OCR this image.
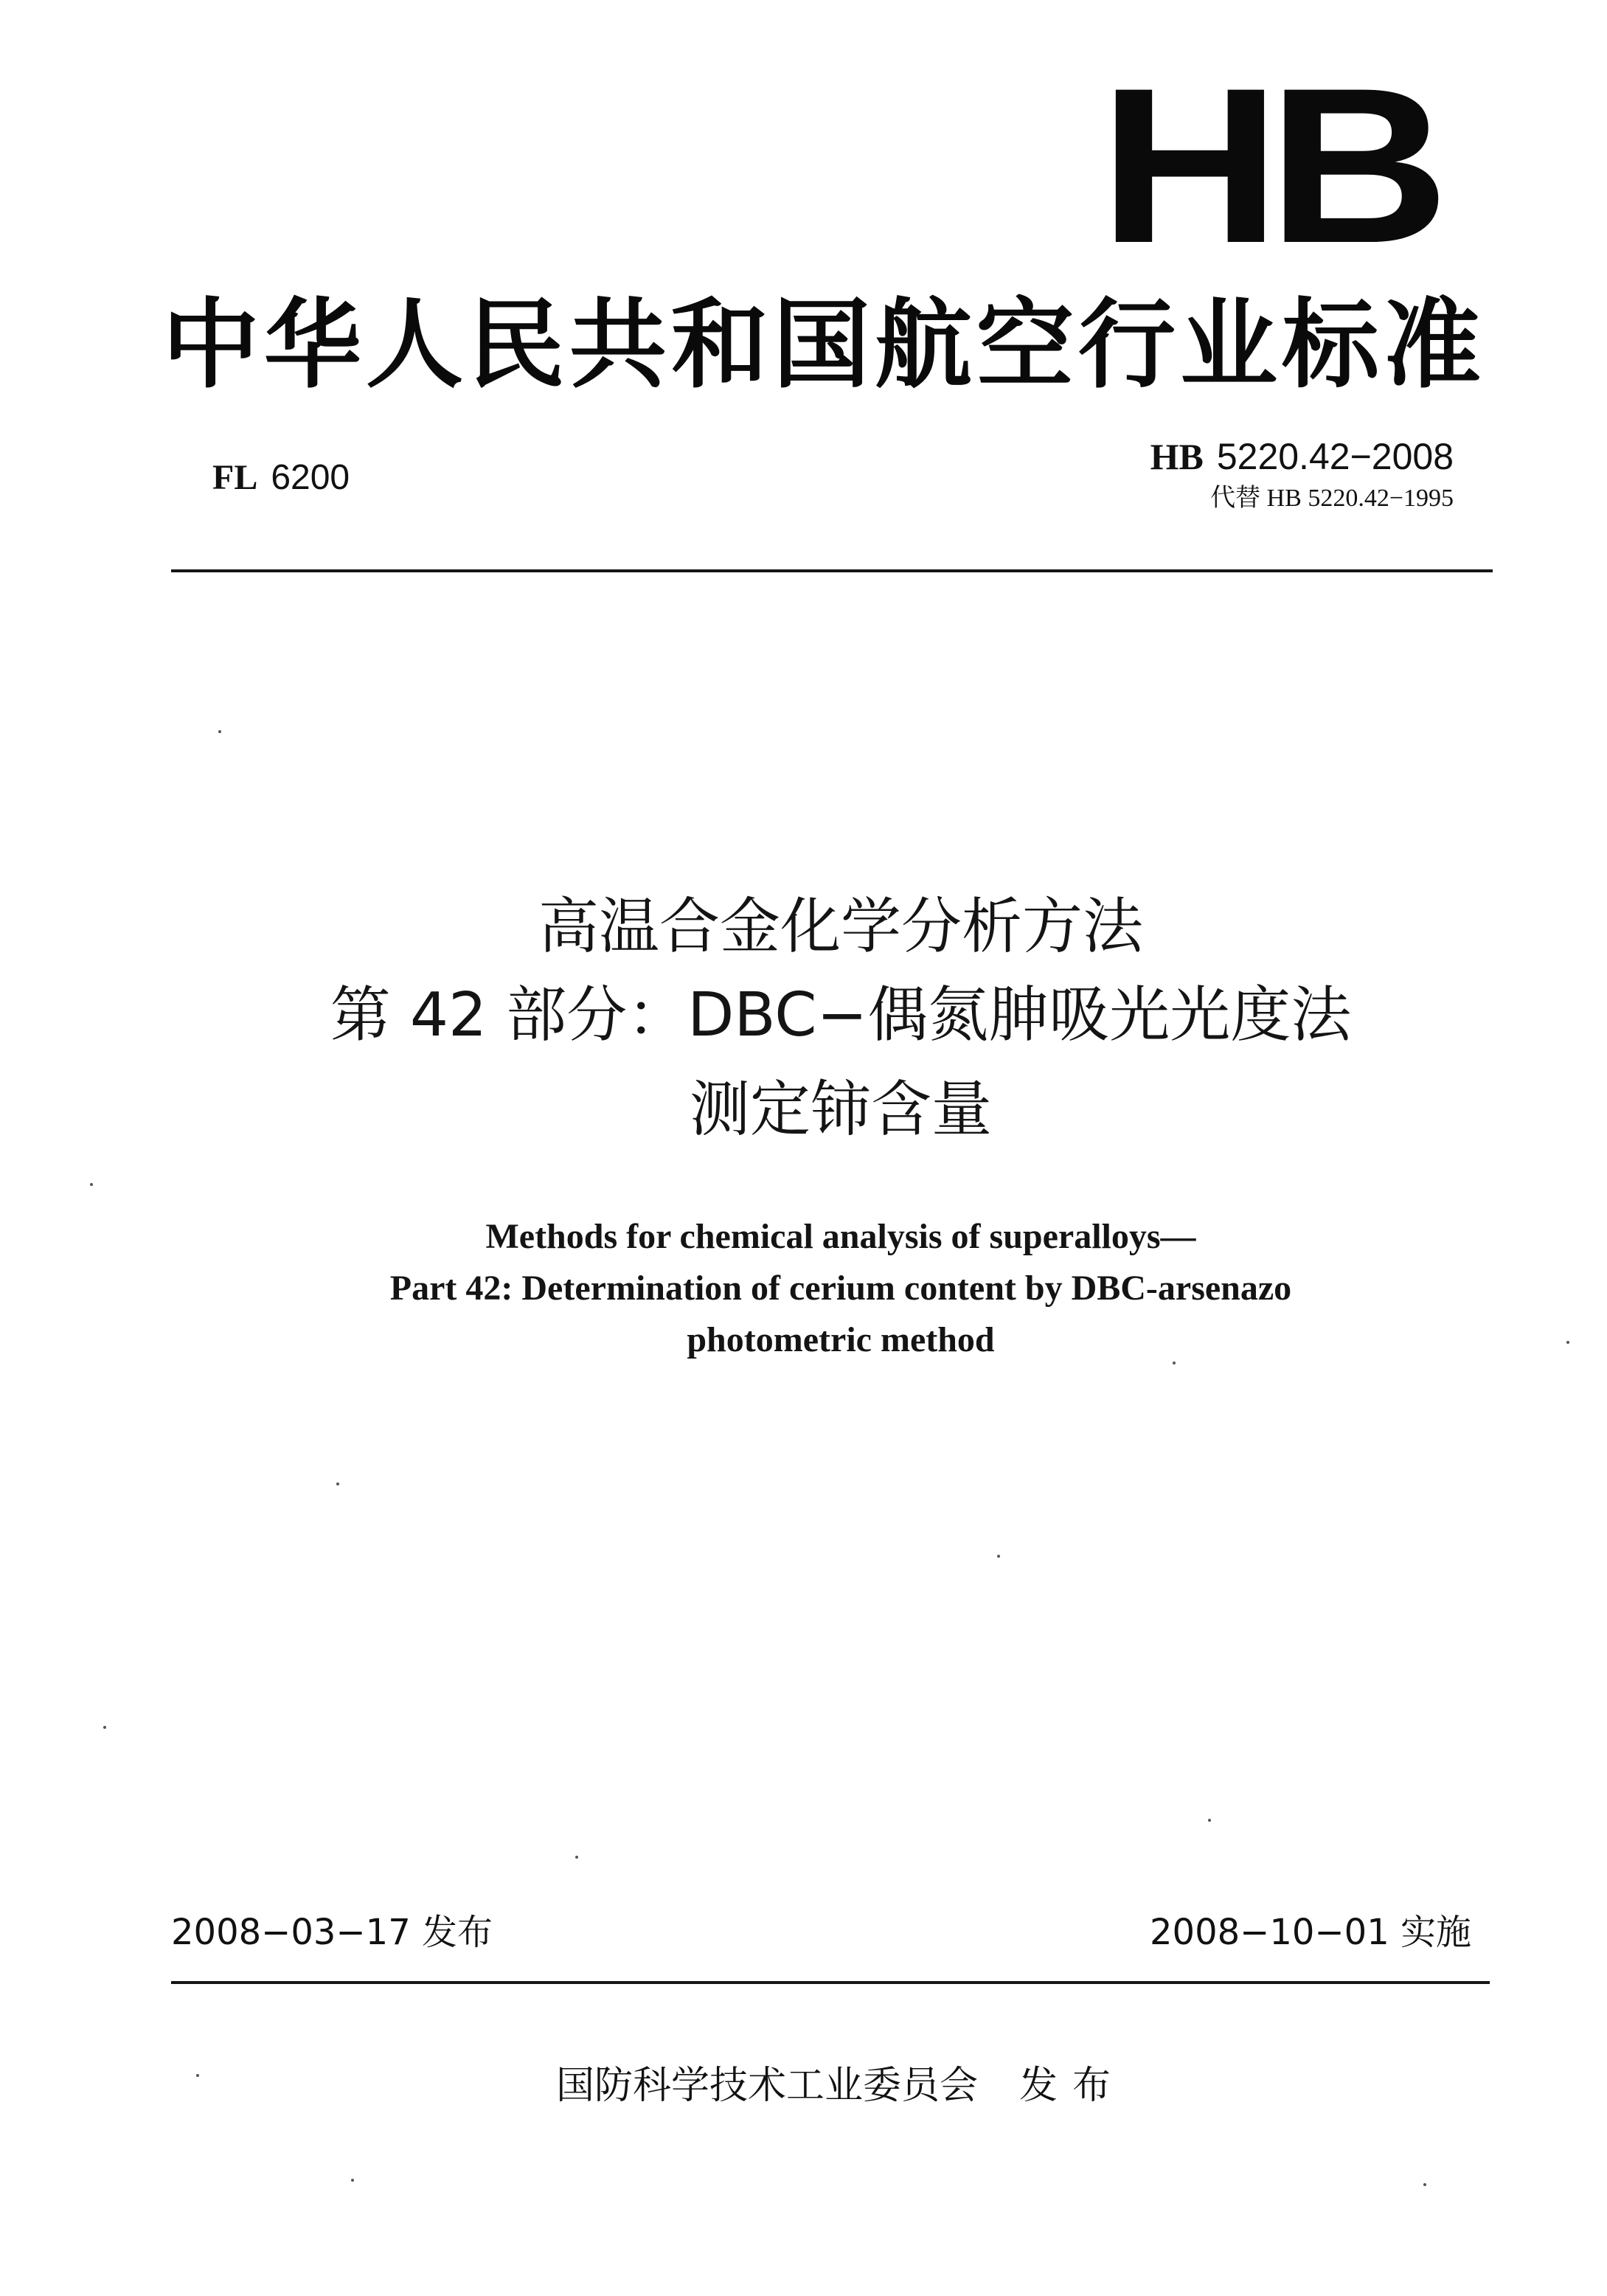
HB
中华人民共和国航空行业标准
FL 6200
HB 5220.42−2008
代替 HB 5220.42−1995
高温合金化学分析方法
第 42 部分：DBC−偶氮胂吸光光度法
测定铈含量
Methods for chemical analysis of superalloys—
Part 42: Determination of cerium content by DBC-arsenazo
photometric method
2008−03−17 发布	2008−10−01 实施
国防科学技术工业委员会 发布
